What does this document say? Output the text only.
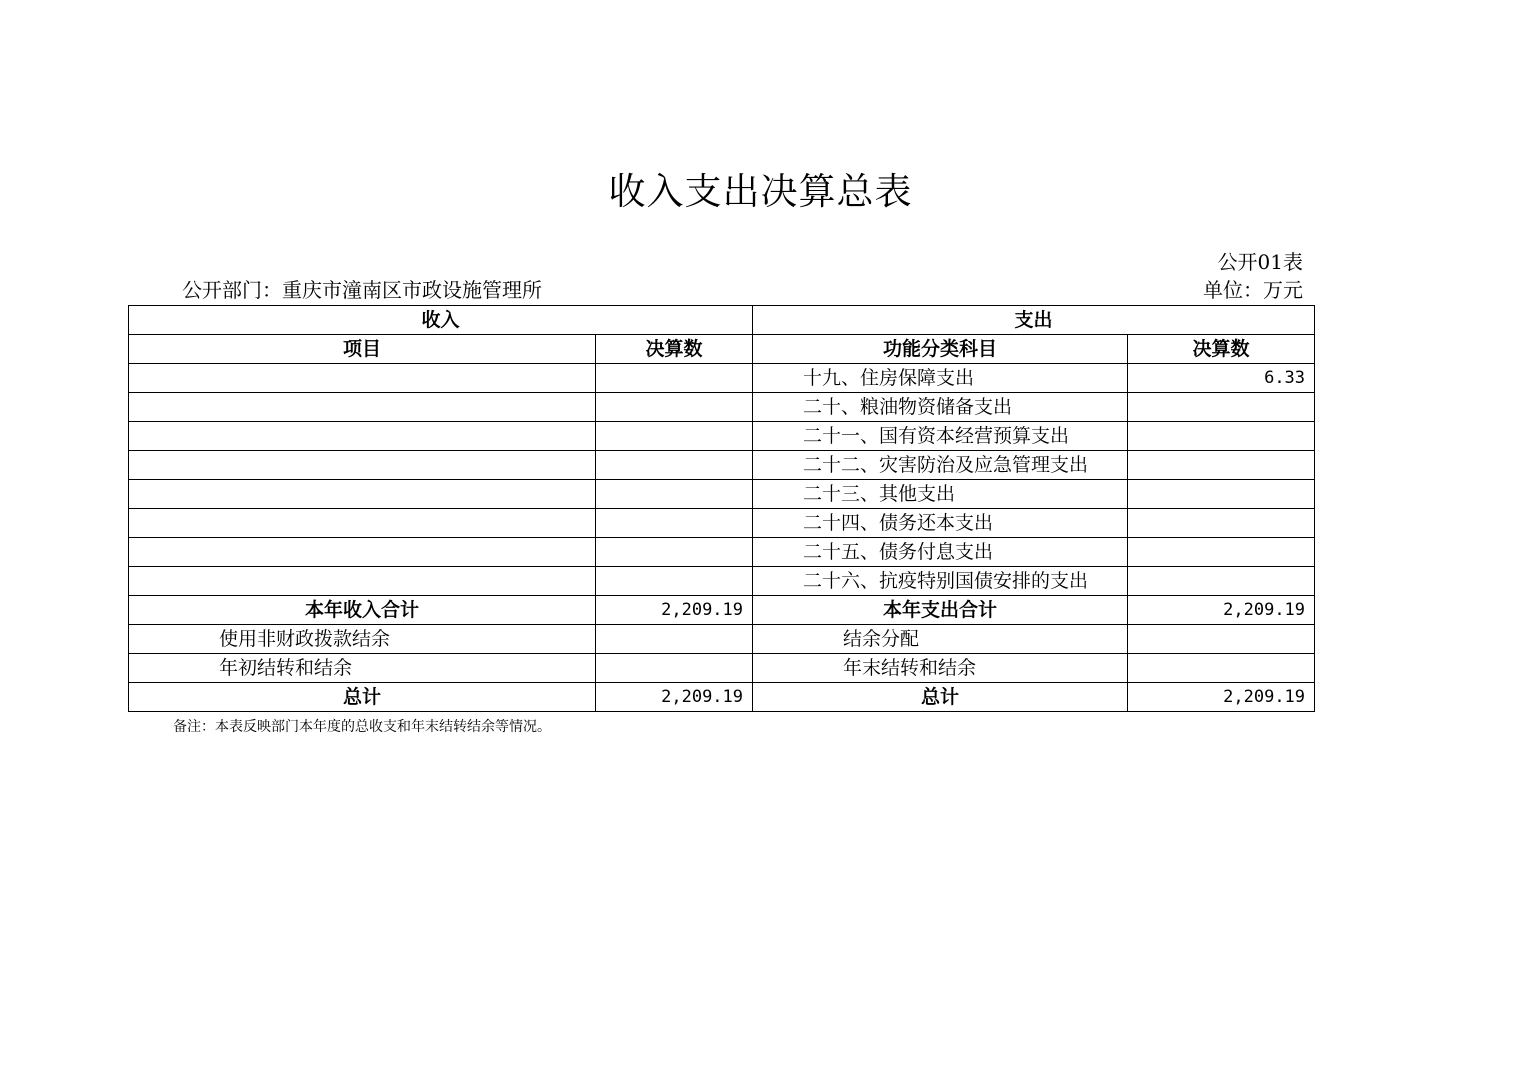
收入支出决算总表
公开01表
公开部门：重庆市潼南区市政设施管理所	单位：万元
收入		支出	
项目	决算数	功能分类科目	决算数
		十九、住房保障支出	6.33
		二十、粮油物资储备支出	
		二十一、国有资本经营预算支出	
		二十二、灾害防治及应急管理支出	
		二十三、其他支出	
		二十四、债务还本支出	
		二十五、债务付息支出	
		二十六、抗疫特别国债安排的支出	
本年收入合计	2,209.19	本年支出合计	2,209.19
使用非财政拨款结余		结余分配	
年初结转和结余		年末结转和结余	
总计	2,209.19	总计	2,209.19
备注：本表反映部门本年度的总收支和年末结转结余等情况。
